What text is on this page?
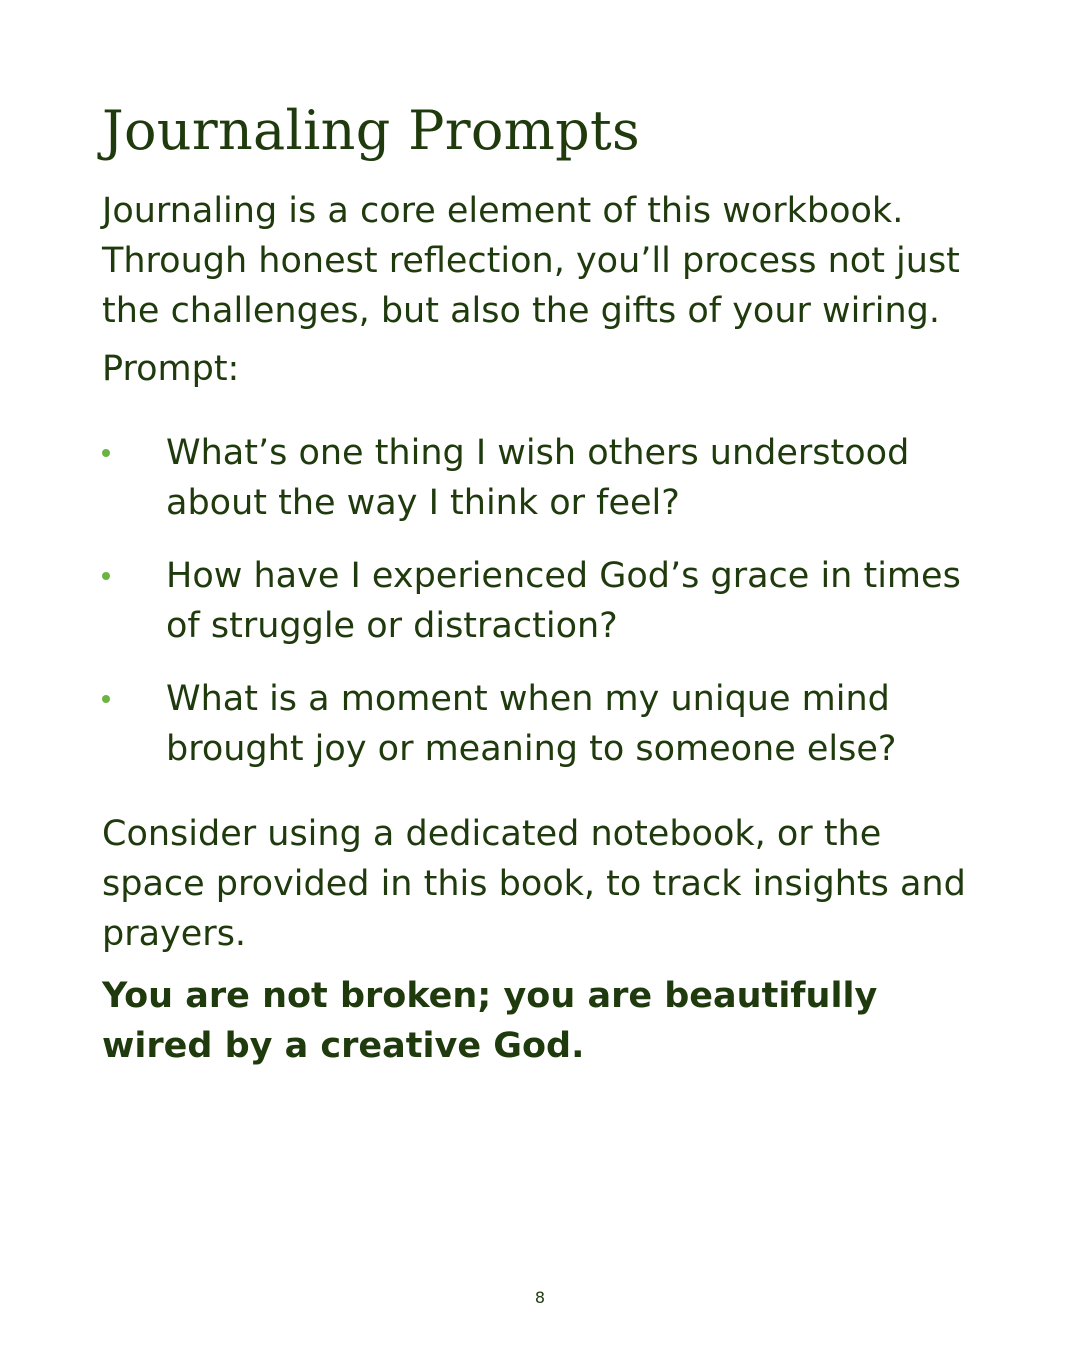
Journaling Prompts

Journaling is a core element of this workbook. Through honest reflection, you’ll process not just the challenges, but also the gifts of your wiring.

Prompt:

What’s one thing I wish others understood about the way I think or feel?
How have I experienced God’s grace in times of struggle or distraction?
What is a moment when my unique mind brought joy or meaning to someone else?

Consider using a dedicated notebook, or the space provided in this book, to track insights and prayers.

You are not broken; you are beautifully wired by a creative God.

8
